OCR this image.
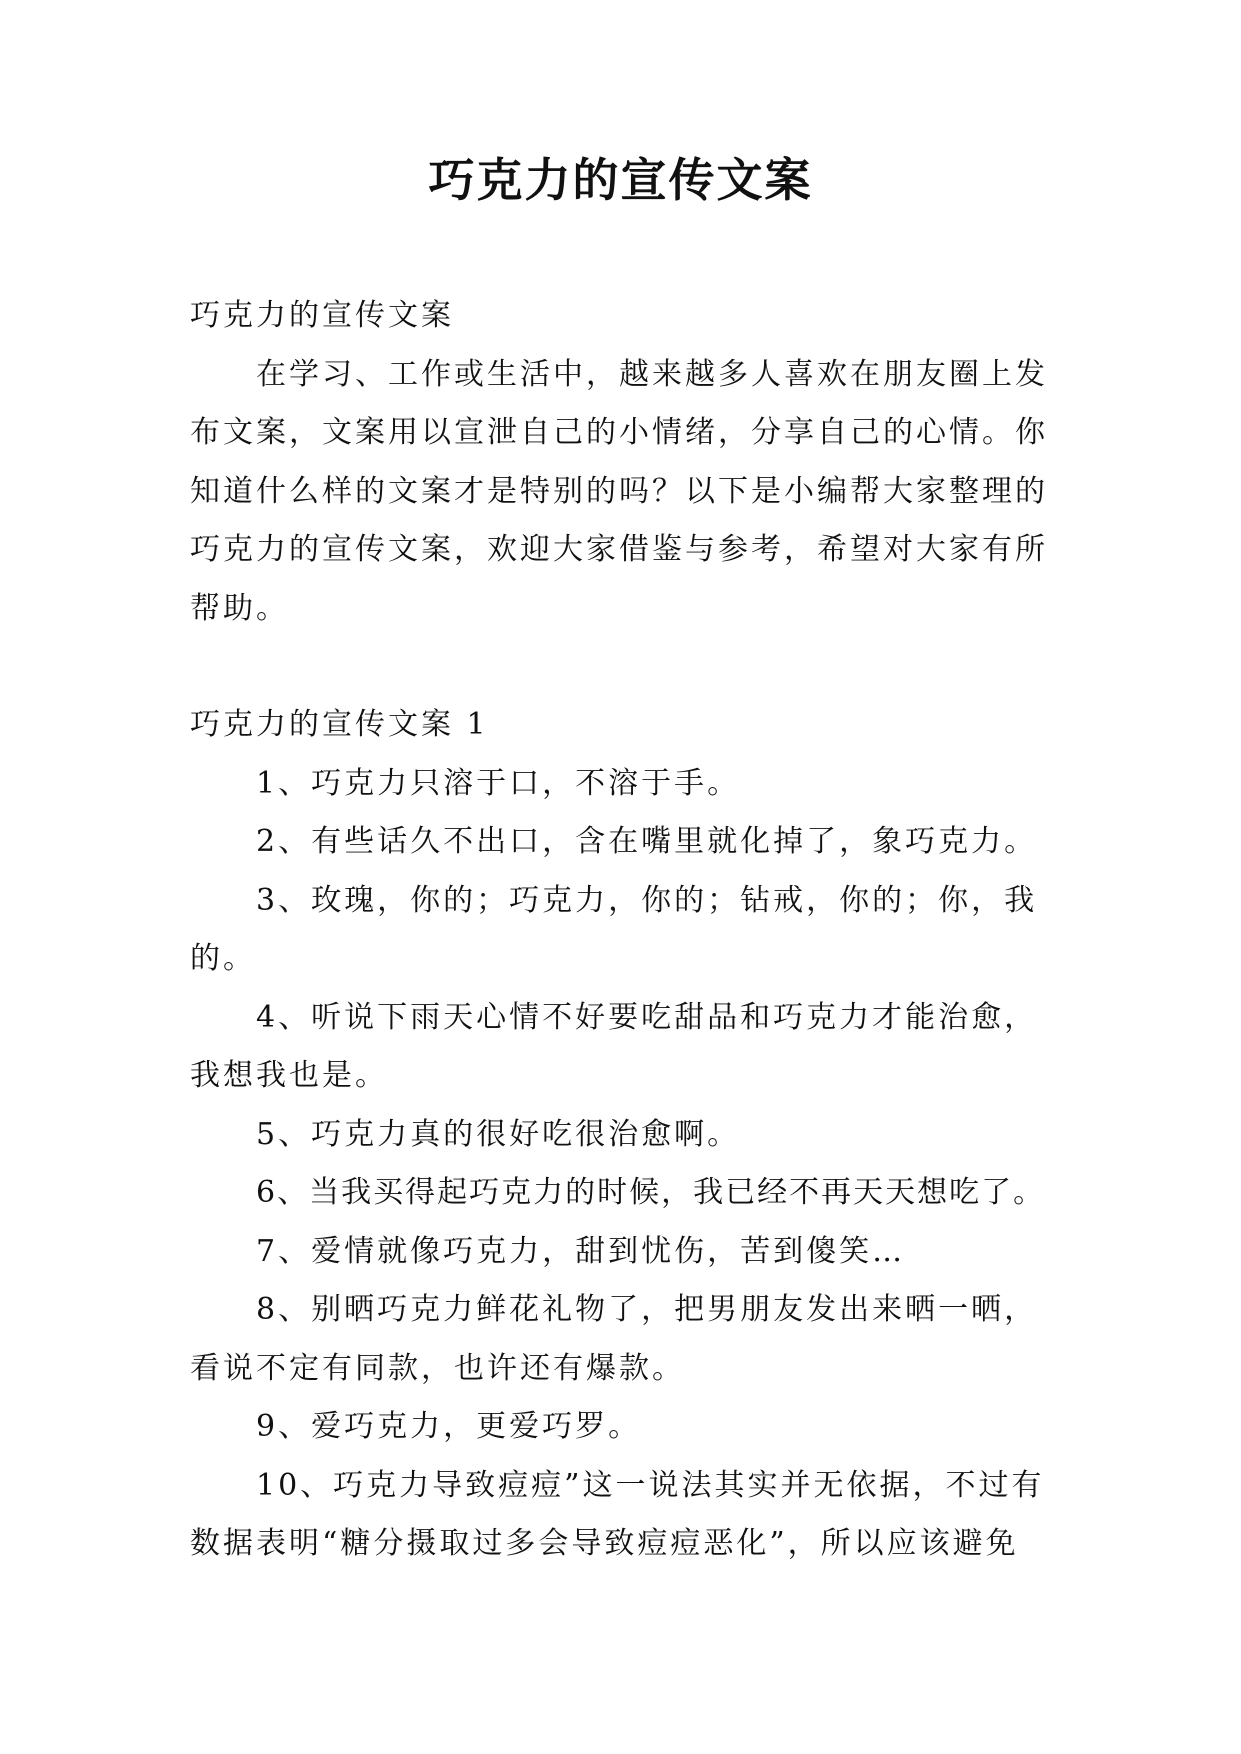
巧克力的宣传文案

巧克力的宣传文案

在学习、工作或生活中，越来越多人喜欢在朋友圈上发布文案，文案用以宣泄自己的小情绪，分享自己的心情。你知道什么样的文案才是特别的吗？以下是小编帮大家整理的巧克力的宣传文案，欢迎大家借鉴与参考，希望对大家有所帮助。

巧克力的宣传文案 1

1、巧克力只溶于口，不溶于手。

2、有些话久不出口，含在嘴里就化掉了，象巧克力。

3、玫瑰，你的；巧克力，你的；钻戒，你的；你，我的。

4、听说下雨天心情不好要吃甜品和巧克力才能治愈，我想我也是。

5、巧克力真的很好吃很治愈啊。

6、当我买得起巧克力的时候，我已经不再天天想吃了。

7、爱情就像巧克力，甜到忧伤，苦到傻笑…

8、别晒巧克力鲜花礼物了，把男朋友发出来晒一晒，看说不定有同款，也许还有爆款。

9、爱巧克力，更爱巧罗。

10、巧克力导致痘痘”这一说法其实并无依据，不过有数据表明“糖分摄取过多会导致痘痘恶化”，所以应该避免
